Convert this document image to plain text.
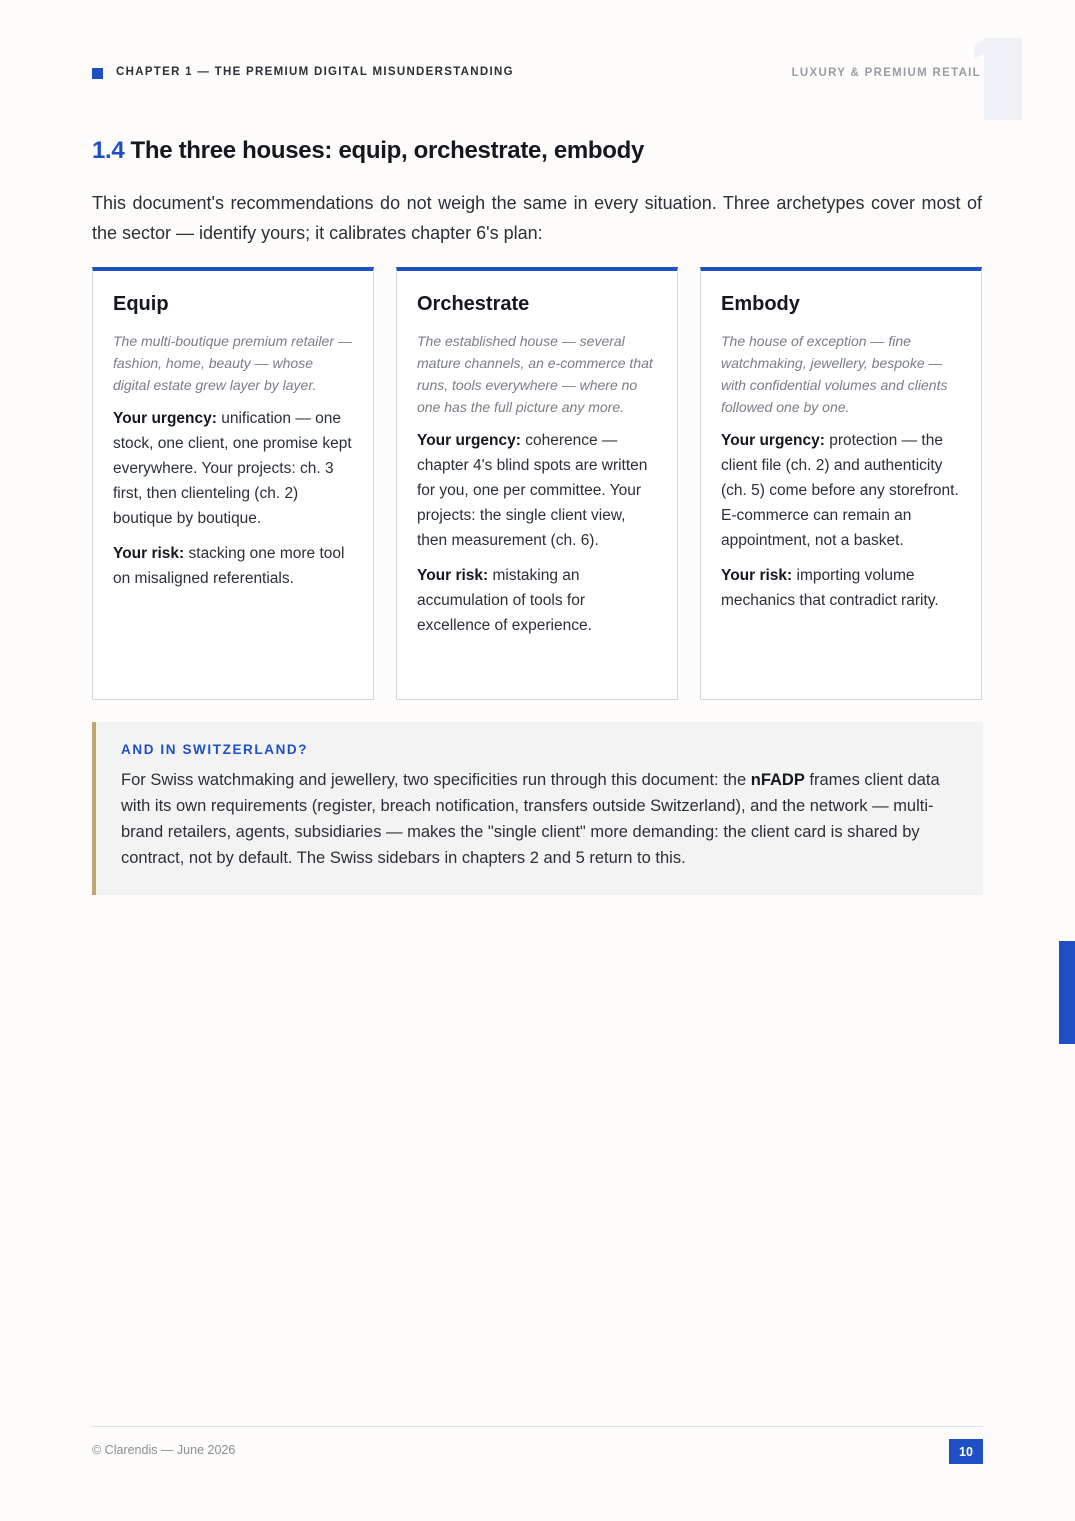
CHAPTER 1 — THE PREMIUM DIGITAL MISUNDERSTANDING	LUXURY & PREMIUM RETAIL
1.4 The three houses: equip, orchestrate, embody

This document's recommendations do not weigh the same in every situation. Three archetypes cover most of the sector — identify yours; it calibrates chapter 6's plan:

Equip

The multi-boutique premium retailer — fashion, home, beauty — whose digital estate grew layer by layer.

Your urgency: unification — one stock, one client, one promise kept everywhere. Your projects: ch. 3 first, then clienteling (ch. 2) boutique by boutique.

Your risk: stacking one more tool on misaligned referentials.

Orchestrate

The established house — several mature channels, an e-commerce that runs, tools everywhere — where no one has the full picture any more.

Your urgency: coherence — chapter 4's blind spots are written for you, one per committee. Your projects: the single client view, then measurement (ch. 6).

Your risk: mistaking an accumulation of tools for excellence of experience.

Embody

The house of exception — fine watchmaking, jewellery, bespoke — with confidential volumes and clients followed one by one.

Your urgency: protection — the client file (ch. 2) and authenticity (ch. 5) come before any storefront. E-commerce can remain an appointment, not a basket.

Your risk: importing volume mechanics that contradict rarity.

AND IN SWITZERLAND?

For Swiss watchmaking and jewellery, two specificities run through this document: the nFADP frames client data with its own requirements (register, breach notification, transfers outside Switzerland), and the network — multi-brand retailers, agents, subsidiaries — makes the "single client" more demanding: the client card is shared by contract, not by default. The Swiss sidebars in chapters 2 and 5 return to this.

© Clarendis — June 2026	10
